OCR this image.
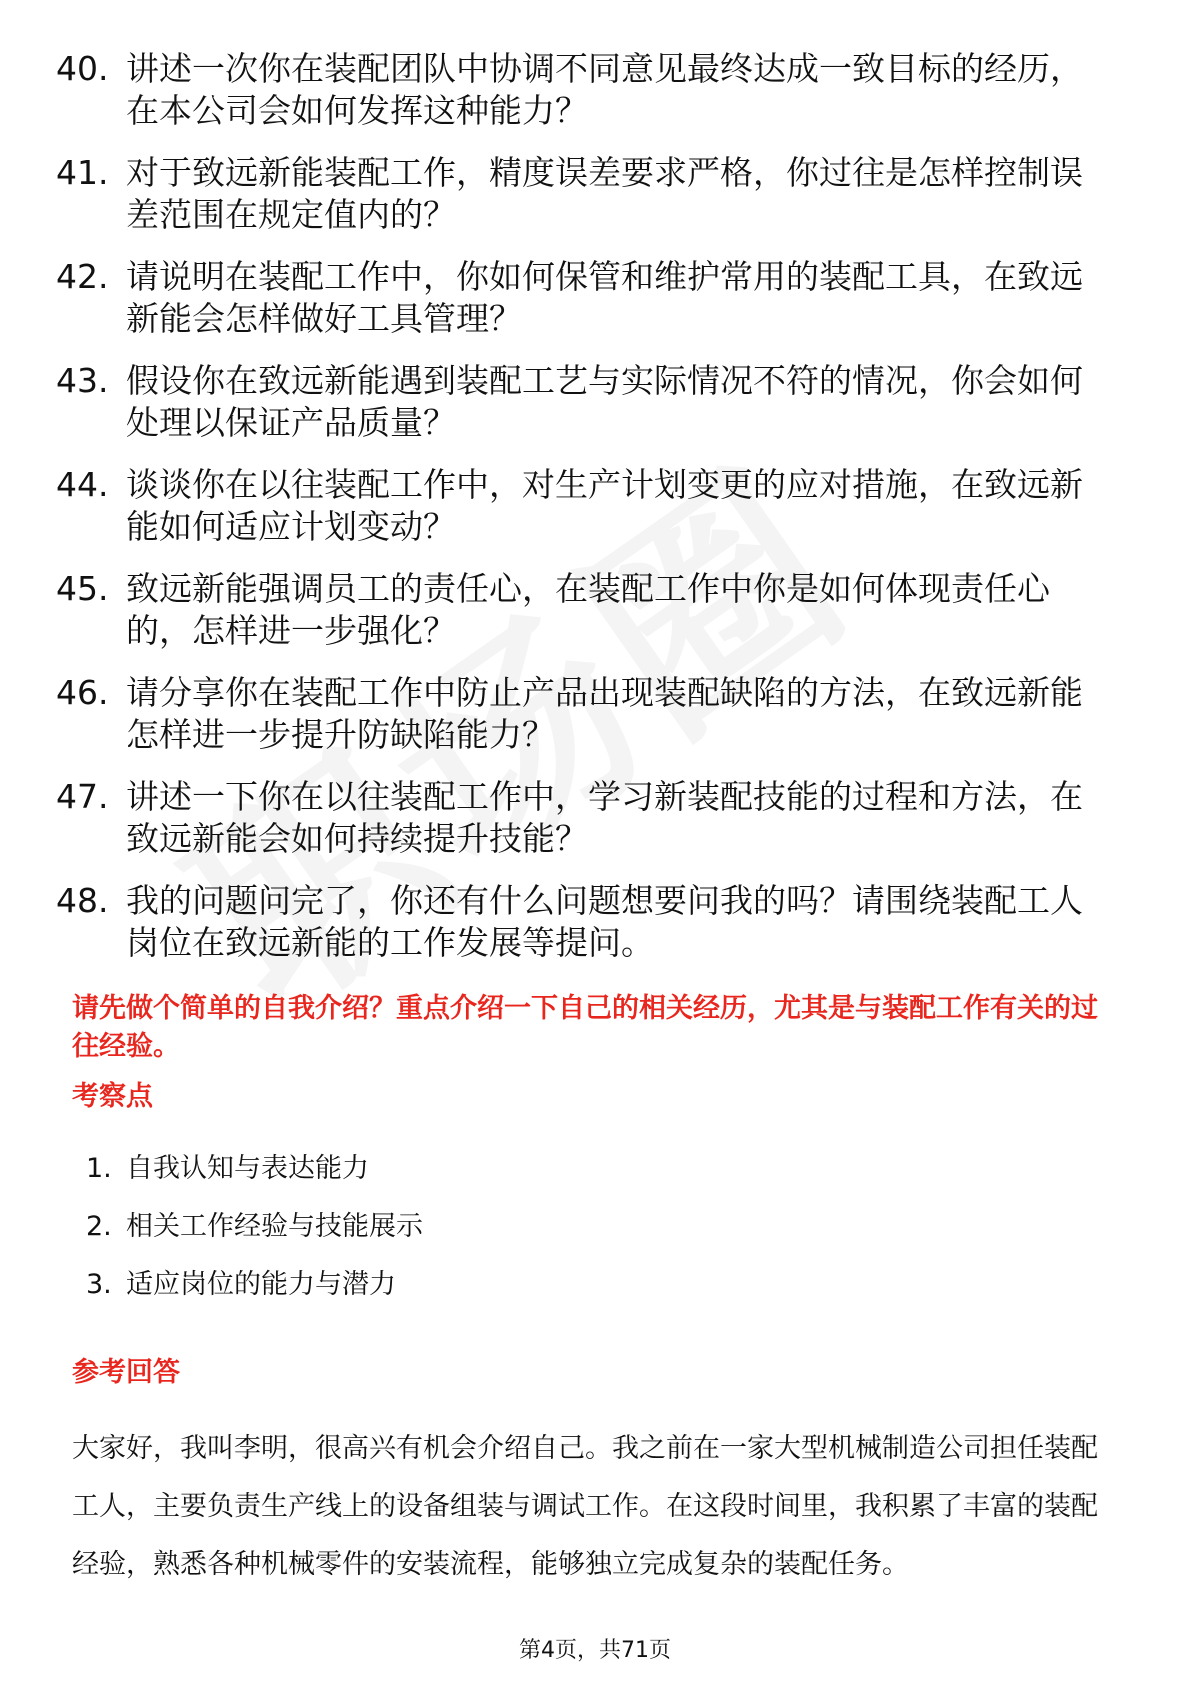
40. 讲述一次你在装配团队中协调不同意见最终达成一致目标的经历，在本公司会如何发挥这种能力？
41. 对于致远新能装配工作，精度误差要求严格，你过往是怎样控制误差范围在规定值内的？
42. 请说明在装配工作中，你如何保管和维护常用的装配工具，在致远新能会怎样做好工具管理？
43. 假设你在致远新能遇到装配工艺与实际情况不符的情况，你会如何处理以保证产品质量？
44. 谈谈你在以往装配工作中，对生产计划变更的应对措施，在致远新能如何适应计划变动？
45. 致远新能强调员工的责任心，在装配工作中你是如何体现责任心的，怎样进一步强化？
46. 请分享你在装配工作中防止产品出现装配缺陷的方法，在致远新能怎样进一步提升防缺陷能力？
47. 讲述一下你在以往装配工作中，学习新装配技能的过程和方法，在致远新能会如何持续提升技能？
48. 我的问题问完了，你还有什么问题想要问我的吗？请围绕装配工人岗位在致远新能的工作发展等提问。

请先做个简单的自我介绍？重点介绍一下自己的相关经历，尤其是与装配工作有关的过往经验。

考察点
1. 自我认知与表达能力
2. 相关工作经验与技能展示
3. 适应岗位的能力与潜力
参考回答

大家好，我叫李明，很高兴有机会介绍自己。我之前在一家大型机械制造公司担任装配工人，主要负责生产线上的设备组装与调试工作。在这段时间里，我积累了丰富的装配经验，熟悉各种机械零件的安装流程，能够独立完成复杂的装配任务。

第4页，共71页
